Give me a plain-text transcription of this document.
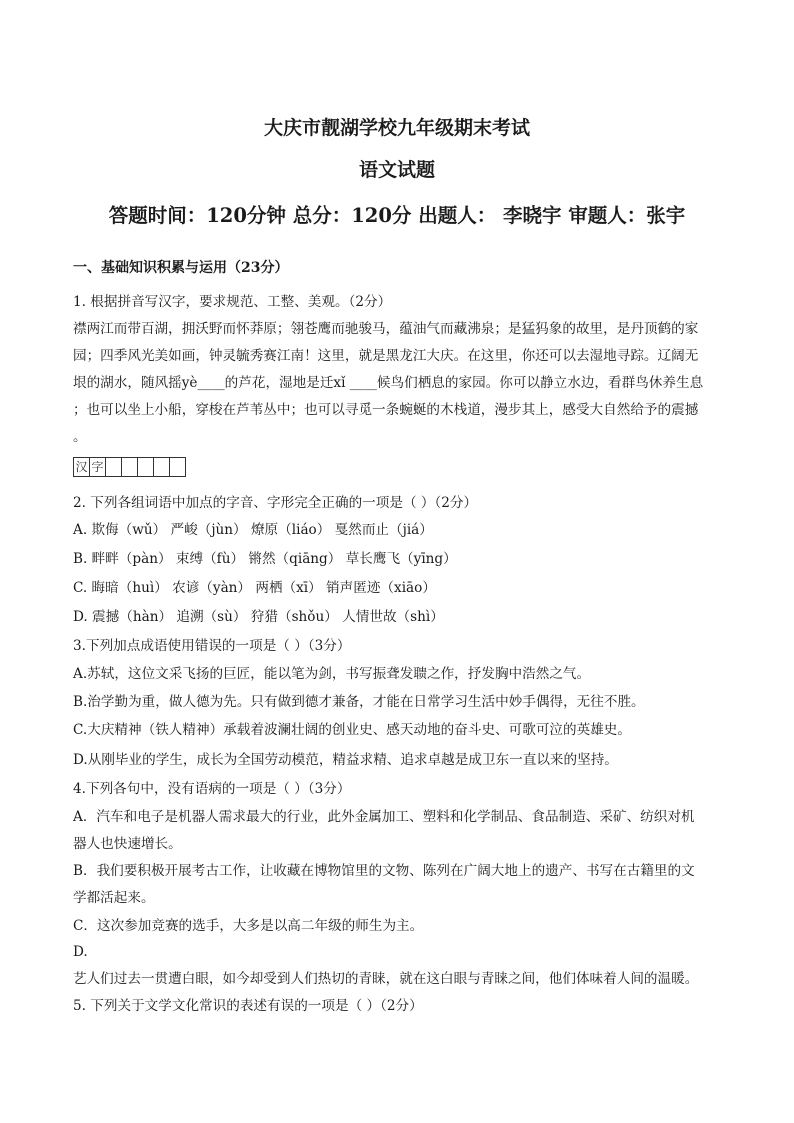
大庆市靓湖学校九年级期末考试
语文试题
答题时间：120分钟 总分：120分 出题人： 李晓宇 审题人：张宇
一、基础知识积累与运用（23分）
1. 根据拼音写汉字，要求规范、工整、美观。（2分）
襟两江而带百湖，拥沃野而怀莽原；翎苍鹰而驰骏马，蕴油气而藏沸泉；是猛犸象的故里，是丹顶鹤的家
园；四季风光美如画，钟灵毓秀赛江南！这里，就是黑龙江大庆。在这里，你还可以去湿地寻踪。辽阔无
垠的湖水，随风摇yè____的芦花，湿地是迁xǐ ____候鸟们栖息的家园。你可以静立水边，看群鸟休养生息
；也可以坐上小船，穿梭在芦苇丛中；也可以寻觅一条蜿蜒的木栈道，漫步其上，感受大自然给予的震撼
。
汉 字
2. 下列各组词语中加点的字音、字形完全正确的一项是（ ）（2分）
A. 欺侮（wǔ） 严峻（jùn） 燎原（liáo） 戛然而止（jiá）
B. 畔畔（pàn） 束缚（fù） 锵然（qiāng） 草长鹰飞（yīng）
C. 晦暗（huì） 农谚（yàn） 两栖（xī） 销声匿迹（xiāo）
D. 震撼（hàn） 追溯（sù） 狩猎（shǒu） 人情世故（shì）
3.下列加点成语使用错误的一项是（ ）（3分）
A.苏轼，这位文采飞扬的巨匠，能以笔为剑，书写振聋发聩之作，抒发胸中浩然之气。
B.治学勤为重，做人德为先。只有做到德才兼备，才能在日常学习生活中妙手偶得，无往不胜。
C.大庆精神（铁人精神）承载着波澜壮阔的创业史、感天动地的奋斗史、可歌可泣的英雄史。
D.从刚毕业的学生，成长为全国劳动模范，精益求精、追求卓越是成卫东一直以来的坚持。
4.下列各句中，没有语病的一项是（ ）（3分）
A．汽车和电子是机器人需求最大的行业，此外金属加工、塑料和化学制品、食品制造、采矿、纺织对机
器人也快速增长。
B．我们要积极开展考古工作，让收藏在博物馆里的文物、陈列在广阔大地上的遗产、书写在古籍里的文
学都活起来。
C．这次参加竞赛的选手，大多是以高二年级的师生为主。
D.
艺人们过去一贯遭白眼，如今却受到人们热切的青睐，就在这白眼与青睐之间，他们体味着人间的温暖。
5. 下列关于文学文化常识的表述有误的一项是（ ）（2分）
